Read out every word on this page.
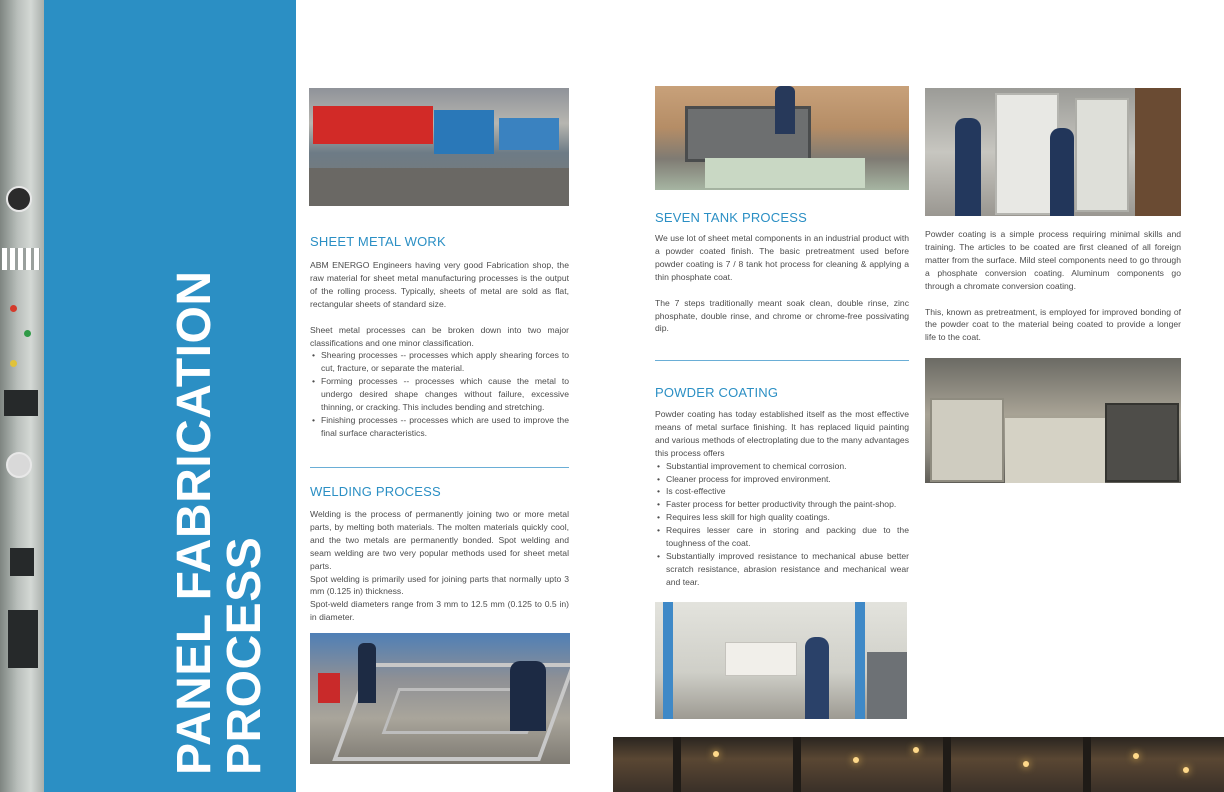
PANEL FABRICATION
PROCESS
SHEET METAL WORK

ABM ENERGO Engineers having very good Fabrication shop, the raw material for sheet metal manufacturing processes is the output of the rolling process. Typically, sheets of metal are sold as flat, rectangular sheets of standard size.

Sheet metal processes can be broken down into two major classifications and one minor classification.

• Shearing processes -- processes which apply shearing forces to cut, fracture, or separate the material.
• Forming processes -- processes which cause the metal to undergo desired shape changes without failure, excessive thinning, or cracking. This includes bending and stretching.
• Finishing processes -- processes which are used to improve the final surface characteristics.
WELDING PROCESS

Welding is the process of permanently joining two or more metal parts, by melting both materials. The molten materials quickly cool, and the two metals are permanently bonded. Spot welding and seam welding are two very popular methods used for sheet metal parts.

Spot welding is primarily used for joining parts that normally upto 3 mm (0.125 in) thickness.

Spot-weld diameters range from 3 mm to 12.5 mm (0.125 to 0.5 in) in diameter.

SEVEN TANK PROCESS

We use lot of sheet metal components in an industrial product with a powder coated finish. The basic pretreatment used before powder coating is 7 / 8 tank hot process for cleaning & applying a thin phosphate coat.

The 7 steps traditionally meant soak clean, double rinse, zinc phosphate, double rinse, and chrome or chrome-free possivating dip.

POWDER COATING

Powder coating has today established itself as the most effective means of metal surface finishing. It has replaced liquid painting and various methods of electroplating due to the many advantages this process offers

• Substantial improvement to chemical corrosion.
• Cleaner process for improved environment.
• Is cost-effective
• Faster process for better productivity through the paint-shop.
• Requires less skill for high quality coatings.
• Requires lesser care in storing and packing due to the toughness of the coat.
• Substantially improved resistance to mechanical abuse better scratch resistance, abrasion resistance and mechanical wear and tear.

Powder coating is a simple process requiring minimal skills and training. The articles to be coated are first cleaned of all foreign matter from the surface. Mild steel components need to go through a phosphate conversion coating. Aluminum components go through a chromate conversion coating.

This, known as pretreatment, is employed for improved bonding of the powder coat to the material being coated to provide a longer life to the coat.
